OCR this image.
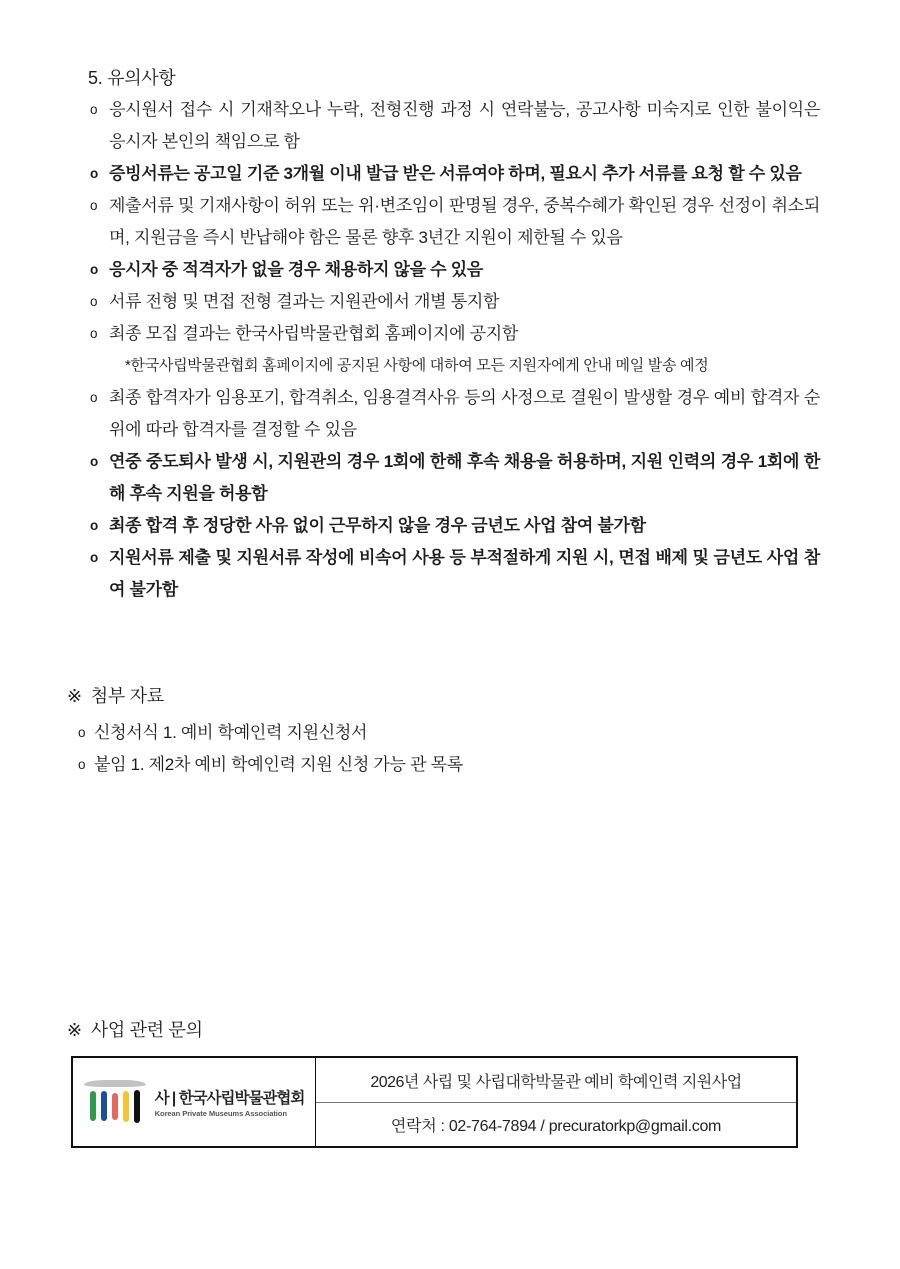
5. 유의사항
o 응시원서 접수 시 기재착오나 누락, 전형진행 과정 시 연락불능, 공고사항 미숙지로 인한 불이익은 응시자 본인의 책임으로 함
o 증빙서류는 공고일 기준 3개월 이내 발급 받은 서류여야 하며, 필요시 추가 서류를 요청 할 수 있음
o 제출서류 및 기재사항이 허위 또는 위·변조임이 판명될 경우, 중복수혜가 확인된 경우 선정이 취소되며, 지원금을 즉시 반납해야 함은 물론 향후 3년간 지원이 제한될 수 있음
o 응시자 중 적격자가 없을 경우 채용하지 않을 수 있음
o 서류 전형 및 면접 전형 결과는 지원관에서 개별 통지함
o 최종 모집 결과는 한국사립박물관협회 홈페이지에 공지함
*한국사립박물관협회 홈페이지에 공지된 사항에 대하여 모든 지원자에게 안내 메일 발송 예정
o 최종 합격자가 임용포기, 합격취소, 임용결격사유 등의 사정으로 결원이 발생할 경우 예비 합격자 순위에 따라 합격자를 결정할 수 있음
o 연중 중도퇴사 발생 시, 지원관의 경우 1회에 한해 후속 채용을 허용하며, 지원 인력의 경우 1회에 한해 후속 지원을 허용함
o 최종 합격 후 정당한 사유 없이 근무하지 않을 경우 금년도 사업 참여 불가함
o 지원서류 제출 및 지원서류 작성에 비속어 사용 등 부적절하게 지원 시, 면접 배제 및 금년도 사업 참여 불가함
※ 첨부 자료
o 신청서식 1. 예비 학예인력 지원신청서
o 붙임 1. 제2차 예비 학예인력 지원 신청 가능 관 목록
※ 사업 관련 문의
사 | 한국사립박물관협회
Korean Private Museums Association
2026년 사립 및 사립대학박물관 예비 학예인력 지원사업
연락처 : 02-764-7894 / precuratorkp@gmail.com
